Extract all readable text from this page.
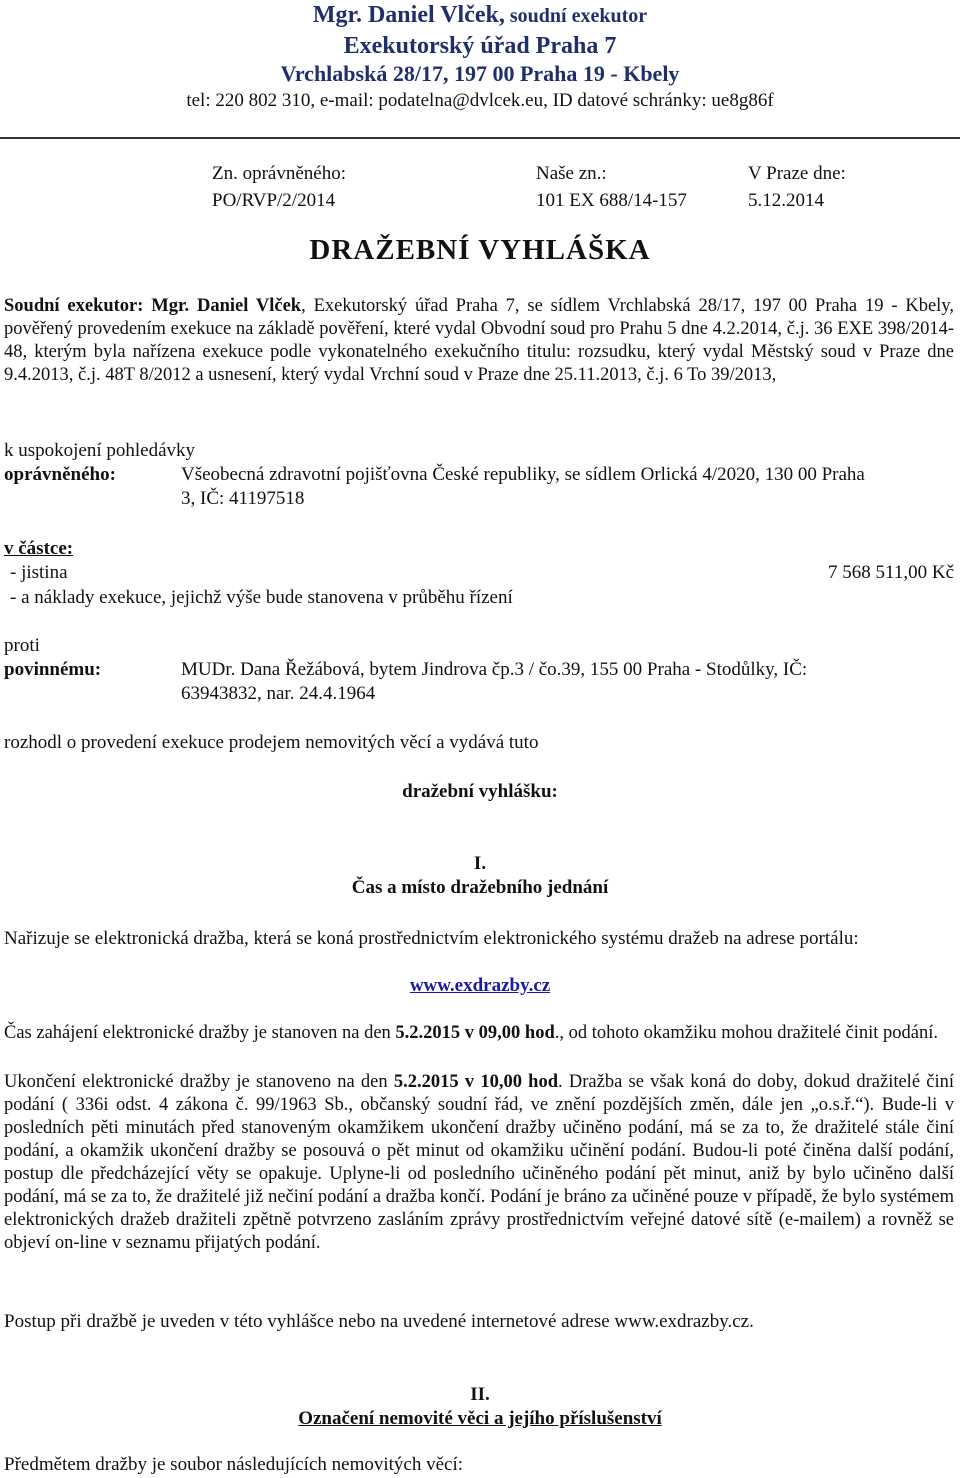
Mgr. Daniel Vlček, soudní exekutor
Exekutorský úřad Praha 7
Vrchlabská 28/17, 197 00 Praha 19 - Kbely
tel: 220 802 310, e-mail: podatelna@dvlcek.eu, ID datové schránky: ue8g86f
Zn. oprávněného:
PO/RVP/2/2014
Naše zn.:
101 EX 688/14-157
V Praze dne:
5.12.2014
DRAŽEBNÍ VYHLÁŠKA
Soudní exekutor: Mgr. Daniel Vlček, Exekutorský úřad Praha 7, se sídlem Vrchlabská 28/17, 197 00 Praha 19 - Kbely, pověřený provedením exekuce na základě pověření, které vydal Obvodní soud pro Prahu 5 dne 4.2.2014, č.j. 36 EXE 398/2014-48, kterým byla nařízena exekuce podle vykonatelného exekučního titulu: rozsudku, který vydal Městský soud v Praze dne 9.4.2013, č.j. 48T 8/2012 a usnesení, který vydal Vrchní soud v Praze dne 25.11.2013, č.j. 6 To 39/2013,
k uspokojení pohledávky
oprávněného:	Všeobecná zdravotní pojišťovna České republiky, se sídlem Orlická 4/2020, 130 00 Praha
3, IČ: 41197518
v částce:
- jistina	7 568 511,00 Kč
- a náklady exekuce, jejichž výše bude stanovena v průběhu řízení
proti
povinnému:	MUDr. Dana Řežábová, bytem Jindrova čp.3 / čo.39, 155 00 Praha - Stodůlky, IČ:
63943832, nar. 24.4.1964
rozhodl o provedení exekuce prodejem nemovitých věcí a vydává tuto
dražební vyhlášku:
I.
Čas a místo dražebního jednání
Nařizuje se elektronická dražba, která se koná prostřednictvím elektronického systému dražeb na adrese portálu:
www.exdrazby.cz
Čas zahájení elektronické dražby je stanoven na den 5.2.2015 v 09,00 hod., od tohoto okamžiku mohou dražitelé činit podání.
Ukončení elektronické dražby je stanoveno na den 5.2.2015 v 10,00 hod. Dražba se však koná do doby, dokud dražitelé činí podání ( 336i odst. 4 zákona č. 99/1963 Sb., občanský soudní řád, ve znění pozdějších změn, dále jen „o.s.ř.“). Bude-li v posledních pěti minutách před stanoveným okamžikem ukončení dražby učiněno podání, má se za to, že dražitelé stále činí podání, a okamžik ukončení dražby se posouvá o pět minut od okamžiku učinění podání. Budou-li poté činěna další podání, postup dle předcházející věty se opakuje. Uplyne-li od posledního učiněného podání pět minut, aniž by bylo učiněno další podání, má se za to, že dražitelé již nečiní podání a dražba končí. Podání je bráno za učiněné pouze v případě, že bylo systémem elektronických dražeb dražiteli zpětně potvrzeno zasláním zprávy prostřednictvím veřejné datové sítě (e-mailem) a rovněž se objeví on-line v seznamu přijatých podání.
Postup při dražbě je uveden v této vyhlášce nebo na uvedené internetové adrese www.exdrazby.cz.
II.
Označení nemovité věci a jejího příslušenství
Předmětem dražby je soubor následujících nemovitých věcí:
